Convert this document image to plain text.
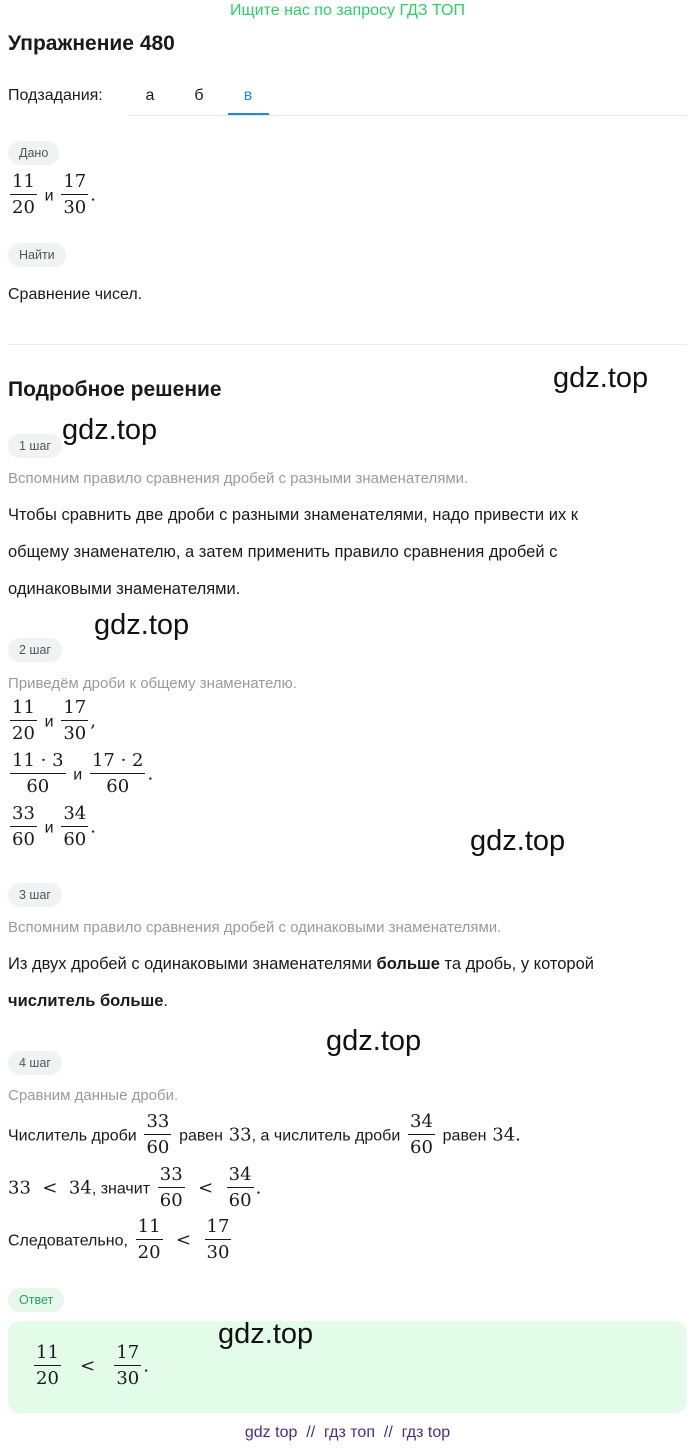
Ищите нас по запросу ГДЗ ТОП
Упражнение 480
Подзадания:	а	б	в
Дано
$\frac{11}{20}$ и $\frac{17}{30}$ .
Найти
Сравнение чисел.
Подробное решение	gdz.top
1 шаг gdz.top
Вспомним правило сравнения дробей с разными знаменателями.
Чтобы сравнить две дроби с разными знаменателями, надо привести их к
общему знаменателю, а затем применить правило сравнения дробей с
одинаковыми знаменателями.
gdz.top
2 шаг
Приведём дроби к общему знаменателю.
$\frac{11}{20}$ и $\frac{17}{30}$ ,
$\frac{11 \cdot 3}{60}$ и $\frac{17 \cdot 2}{60}$ .
$\frac{33}{60}$ и $\frac{34}{60}$ .	gdz.top
3 шаг
Вспомним правило сравнения дробей с одинаковыми знаменателями.
Из двух дробей с одинаковыми знаменателями больше та дробь, у которой
числитель больше.
gdz.top
4 шаг
Сравним данные дроби.
Числитель дроби $\frac{33}{60}$ равен 33, а числитель дроби $\frac{34}{60}$ равен 34.
33 < 34, значит $\frac{33}{60} < \frac{34}{60}$ .
Следовательно, $\frac{11}{20} < \frac{17}{30}$
Ответ
gdz.top
$\frac{11}{20} < \frac{17}{30}$ .
gdz top  //  гдз топ  //  гдз top
